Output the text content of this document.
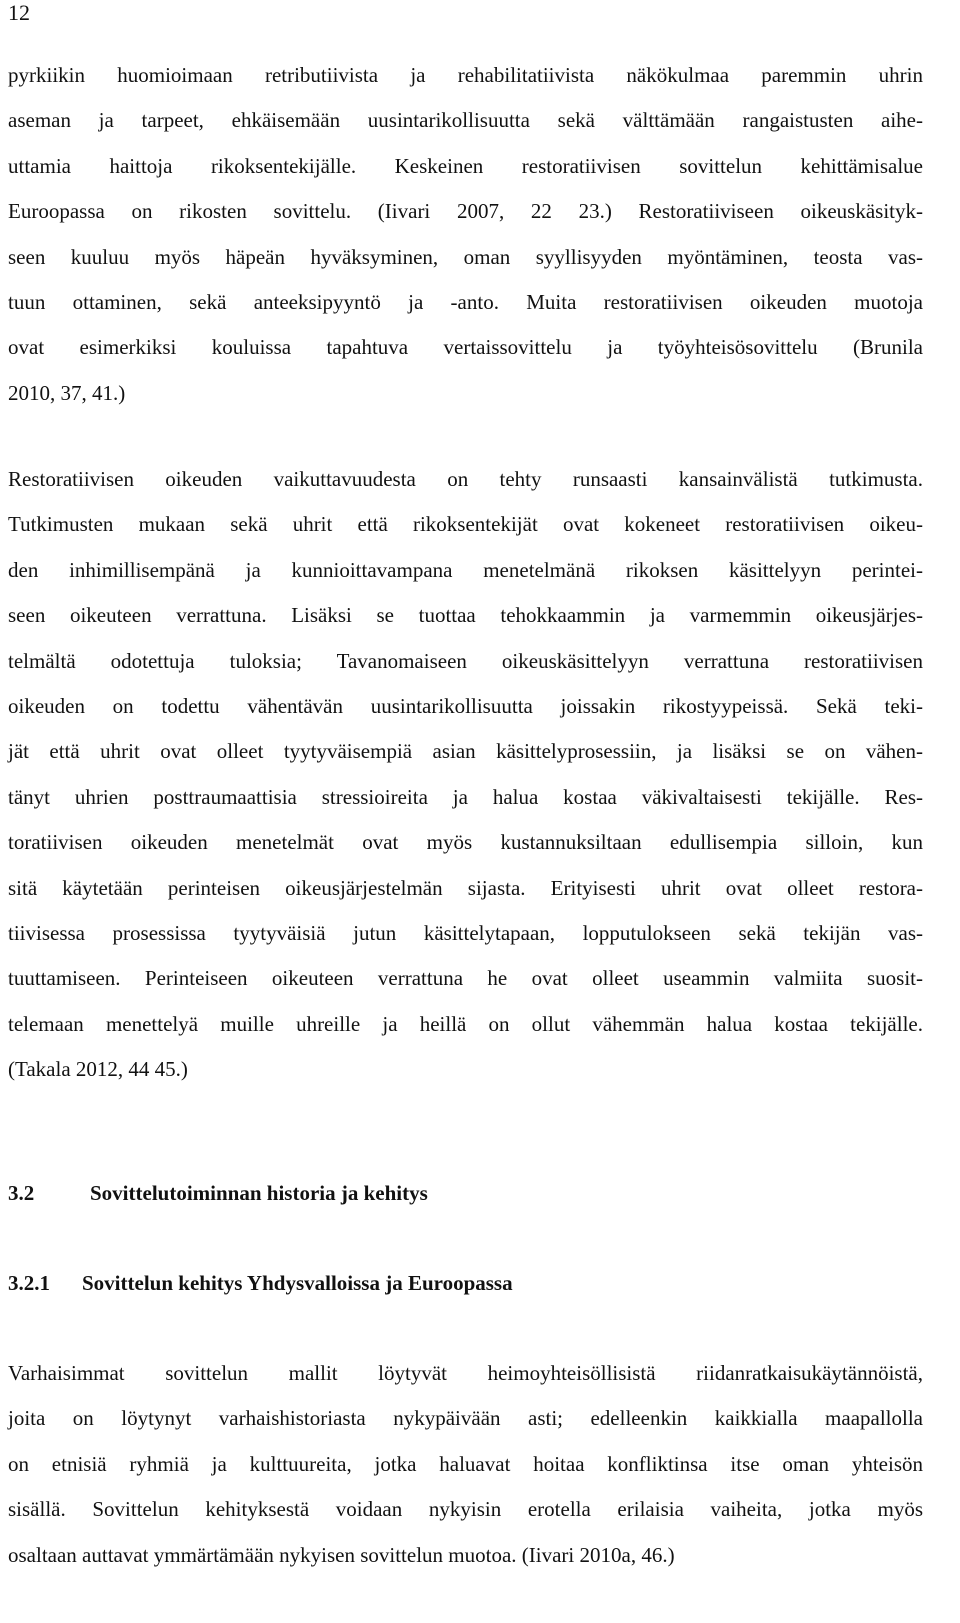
12
pyrkiikin huomioimaan retributiivista ja rehabilitatiivista näkökulmaa paremmin uhrin
aseman ja tarpeet, ehkäisemään uusintarikollisuutta sekä välttämään rangaistusten aihe-
uttamia haittoja rikoksentekijälle. Keskeinen restoratiivisen sovittelun kehittämisalue
Euroopassa on rikosten sovittelu. (Iivari 2007, 22 23.) Restoratiiviseen oikeuskäsityk-
seen kuuluu myös häpeän hyväksyminen, oman syyllisyyden myöntäminen, teosta vas-
tuun ottaminen, sekä anteeksipyyntö ja -anto. Muita restoratiivisen oikeuden muotoja
ovat esimerkiksi kouluissa tapahtuva vertaissovittelu ja työyhteisösovittelu (Brunila
2010, 37, 41.)
Restoratiivisen oikeuden vaikuttavuudesta on tehty runsaasti kansainvälistä tutkimusta.
Tutkimusten mukaan sekä uhrit että rikoksentekijät ovat kokeneet restoratiivisen oikeu-
den inhimillisempänä ja kunnioittavampana menetelmänä rikoksen käsittelyyn perintei-
seen oikeuteen verrattuna. Lisäksi se tuottaa tehokkaammin ja varmemmin oikeusjärjes-
telmältä odotettuja tuloksia; Tavanomaiseen oikeuskäsittelyyn verrattuna restoratiivisen
oikeuden on todettu vähentävän uusintarikollisuutta joissakin rikostyypeissä. Sekä teki-
jät että uhrit ovat olleet tyytyväisempiä asian käsittelyprosessiin, ja lisäksi se on vähen-
tänyt uhrien posttraumaattisia stressioireita ja halua kostaa väkivaltaisesti tekijälle. Res-
toratiivisen oikeuden menetelmät ovat myös kustannuksiltaan edullisempia silloin, kun
sitä käytetään perinteisen oikeusjärjestelmän sijasta. Erityisesti uhrit ovat olleet restora-
tiivisessa prosessissa tyytyväisiä jutun käsittelytapaan, lopputulokseen sekä tekijän vas-
tuuttamiseen. Perinteiseen oikeuteen verrattuna he ovat olleet useammin valmiita suosit-
telemaan menettelyä muille uhreille ja heillä on ollut vähemmän halua kostaa tekijälle.
(Takala 2012, 44 45.)
3.2	Sovittelutoiminnan historia ja kehitys
3.2.1 Sovittelun kehitys Yhdysvalloissa ja Euroopassa
Varhaisimmat sovittelun mallit löytyvät heimoyhteisöllisistä riidanratkaisukäytännöistä,
joita on löytynyt varhaishistoriasta nykypäivään asti; edelleenkin kaikkialla maapallolla
on etnisiä ryhmiä ja kulttuureita, jotka haluavat hoitaa konfliktinsa itse oman yhteisön
sisällä. Sovittelun kehityksestä voidaan nykyisin erotella erilaisia vaiheita, jotka myös
osaltaan auttavat ymmärtämään nykyisen sovittelun muotoa. (Iivari 2010a, 46.)
